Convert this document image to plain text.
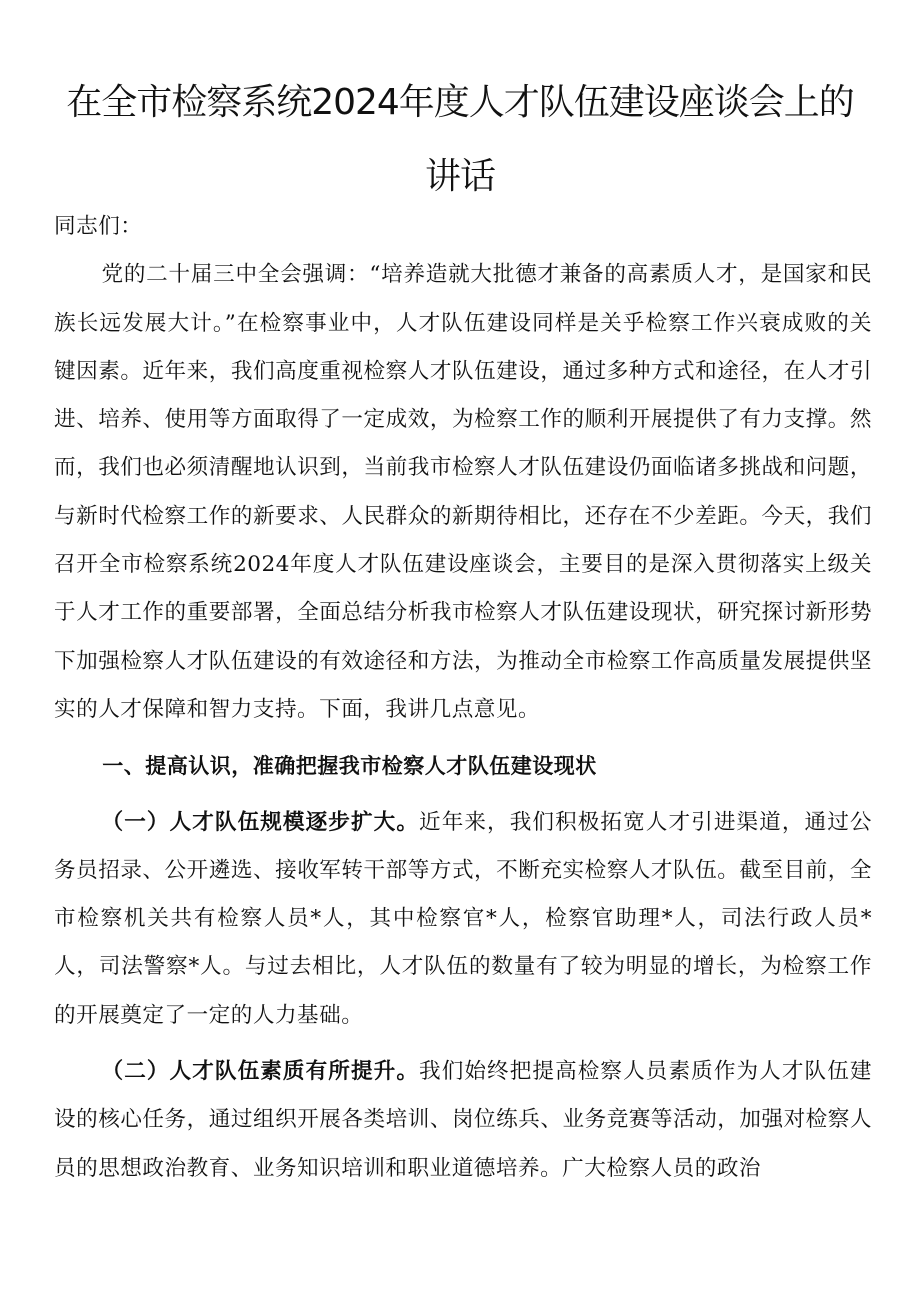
在全市检察系统2024年度人才队伍建设座谈会上的讲话

同志们：

党的二十届三中全会强调：“培养造就大批德才兼备的高素质人才，是国家和民族长远发展大计。”在检察事业中，人才队伍建设同样是关乎检察工作兴衰成败的关键因素。近年来，我们高度重视检察人才队伍建设，通过多种方式和途径，在人才引进、培养、使用等方面取得了一定成效，为检察工作的顺利开展提供了有力支撑。然而，我们也必须清醒地认识到，当前我市检察人才队伍建设仍面临诸多挑战和问题，与新时代检察工作的新要求、人民群众的新期待相比，还存在不少差距。今天，我们召开全市检察系统2024年度人才队伍建设座谈会，主要目的是深入贯彻落实上级关于人才工作的重要部署，全面总结分析我市检察人才队伍建设现状，研究探讨新形势下加强检察人才队伍建设的有效途径和方法，为推动全市检察工作高质量发展提供坚实的人才保障和智力支持。下面，我讲几点意见。

一、提高认识，准确把握我市检察人才队伍建设现状

（一）人才队伍规模逐步扩大。近年来，我们积极拓宽人才引进渠道，通过公务员招录、公开遴选、接收军转干部等方式，不断充实检察人才队伍。截至目前，全市检察机关共有检察人员*人，其中检察官*人，检察官助理*人，司法行政人员*人，司法警察*人。与过去相比，人才队伍的数量有了较为明显的增长，为检察工作的开展奠定了一定的人力基础。

（二）人才队伍素质有所提升。我们始终把提高检察人员素质作为人才队伍建设的核心任务，通过组织开展各类培训、岗位练兵、业务竞赛等活动，加强对检察人员的思想政治教育、业务知识培训和职业道德培养。广大检察人员的政治
